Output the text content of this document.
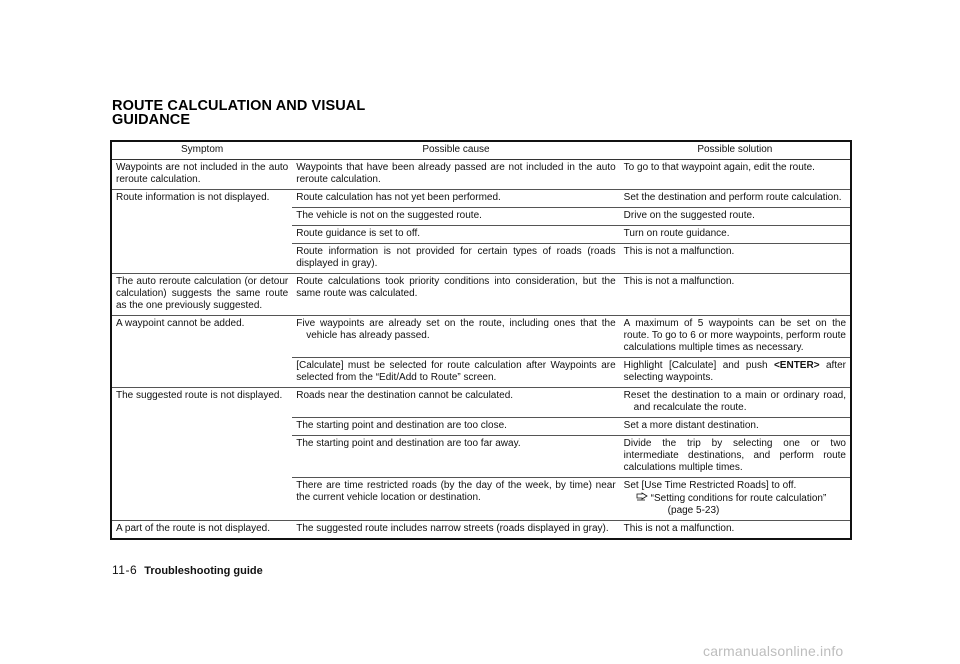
ROUTE CALCULATION AND VISUAL
GUIDANCE
Symptom	Possible cause	Possible solution
Waypoints are not included in the auto reroute calculation.	Waypoints that have been already passed are not included in the auto reroute calculation.	To go to that waypoint again, edit the route.
Route information is not displayed.	Route calculation has not yet been performed.	Set the destination and perform route calculation.
	The vehicle is not on the suggested route.	Drive on the suggested route.
	Route guidance is set to off.	Turn on route guidance.
	Route information is not provided for certain types of roads (roads displayed in gray).	This is not a malfunction.
The auto reroute calculation (or detour calculation) suggests the same route as the one previously suggested.	Route calculations took priority conditions into consideration, but the same route was calculated.	This is not a malfunction.
A waypoint cannot be added.	Five waypoints are already set on the route, including ones that the vehicle has already passed.	A maximum of 5 waypoints can be set on the route. To go to 6 or more waypoints, perform route calculations multiple times as necessary.
	[Calculate] must be selected for route calculation after Waypoints are selected from the “Edit/Add to Route” screen.	Highlight [Calculate] and push <ENTER> after selecting waypoints.
The suggested route is not displayed.	Roads near the destination cannot be calculated.	Reset the destination to a main or ordinary road, and recalculate the route.
	The starting point and destination are too close.	Set a more distant destination.
	The starting point and destination are too far away.	Divide the trip by selecting one or two intermediate destinations, and perform route calculations multiple times.
	There are time restricted roads (by the day of the week, by time) near the current vehicle location or destination.	Set [Use Time Restricted Roads] to off.
“Setting conditions for route calculation”
(page 5-23)

A part of the route is not displayed.	The suggested route includes narrow streets (roads displayed in gray).	This is not a malfunction.
11-6 Troubleshooting guide
carmanualsonline.info
